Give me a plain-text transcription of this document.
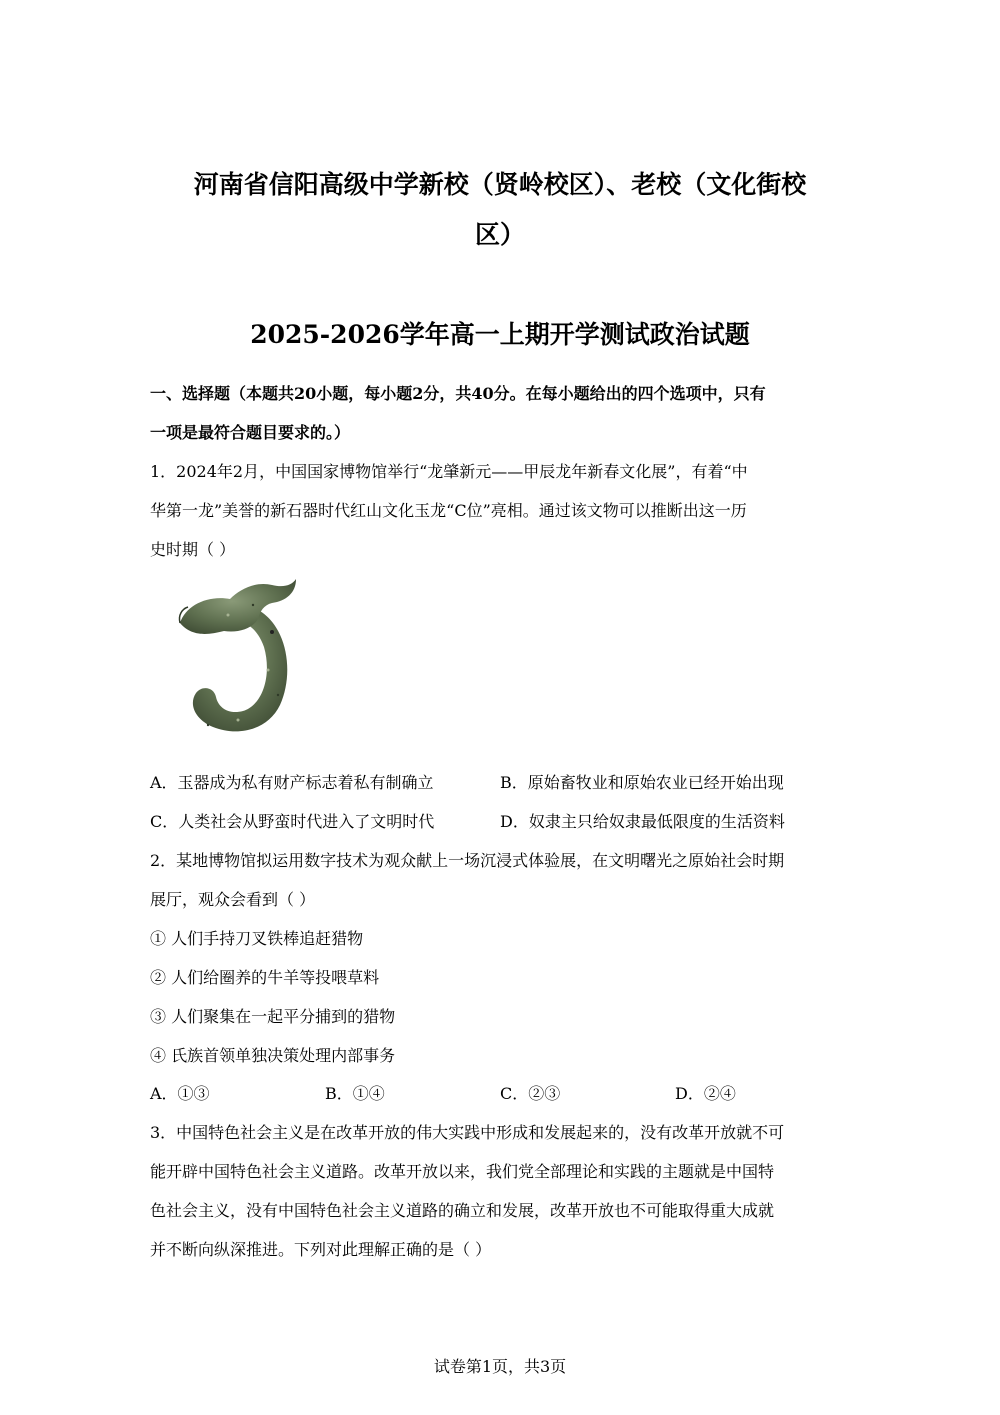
河南省信阳高级中学新校（贤岭校区）、老校（文化街校
区）
2025-2026学年高一上期开学测试政治试题
一、选择题（本题共20小题，每小题2分，共40分。在每小题给出的四个选项中，只有
一项是最符合题目要求的。）
1．2024年2月，中国国家博物馆举行“龙肇新元——甲辰龙年新春文化展”，有着“中
华第一龙”美誉的新石器时代红山文化玉龙“C位”亮相。通过该文物可以推断出这一历
史时期（ ）
A．玉器成为私有财产标志着私有制确立	B．原始畜牧业和原始农业已经开始出现
C．人类社会从野蛮时代进入了文明时代	D．奴隶主只给奴隶最低限度的生活资料
2．某地博物馆拟运用数字技术为观众献上一场沉浸式体验展，在文明曙光之原始社会时期
展厅，观众会看到（ ）
① 人们手持刀叉铁棒追赶猎物
② 人们给圈养的牛羊等投喂草料
③ 人们聚集在一起平分捕到的猎物
④ 氏族首领单独决策处理内部事务
A．①③	B．①④	C．②③	D．②④
3．中国特色社会主义是在改革开放的伟大实践中形成和发展起来的，没有改革开放就不可
能开辟中国特色社会主义道路。改革开放以来，我们党全部理论和实践的主题就是中国特
色社会主义，没有中国特色社会主义道路的确立和发展，改革开放也不可能取得重大成就
并不断向纵深推进。下列对此理解正确的是（ ）
试卷第1页，共3页
